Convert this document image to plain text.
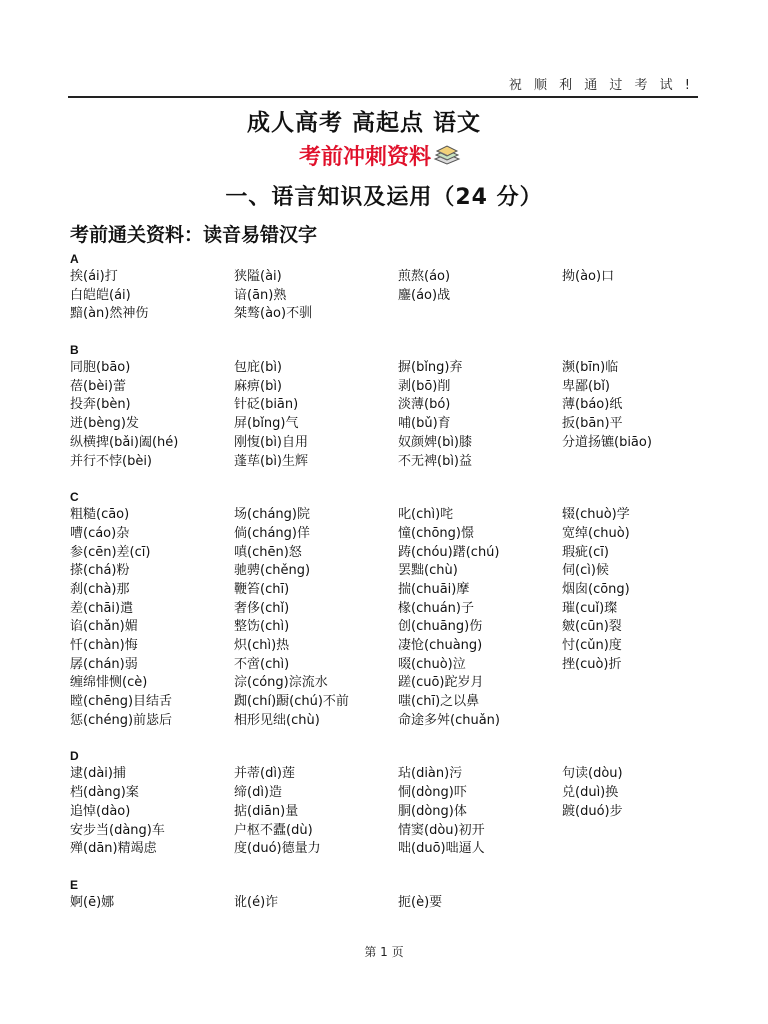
祝 顺 利 通 过 考 试 !
成人高考 高起点 语文
考前冲刺资料
一、语言知识及运用（24 分）
考前通关资料：读音易错汉字
A
挨(ái)打	狭隘(ài)	煎熬(áo)	拗(ào)口
白皑皑(ái)	谙(ān)熟	鏖(áo)战
黯(àn)然神伤	桀骜(ào)不驯
B
同胞(bāo)	包庇(bì)	摒(bǐng)弃	濒(bīn)临
蓓(bèi)蕾	麻痹(bì)	剥(bō)削	卑鄙(bǐ)
投奔(bèn)	针砭(biān)	淡薄(bó)	薄(báo)纸
迸(bèng)发	屏(bǐng)气	哺(bǔ)育	扳(bān)平
纵横捭(bǎi)阖(hé)	刚愎(bì)自用	奴颜婢(bì)膝	分道扬镳(biāo)
并行不悖(bèi)	蓬荜(bì)生辉	不无裨(bì)益
C
粗糙(cāo)	场(cháng)院	叱(chì)咤	辍(chuò)学
嘈(cáo)杂	倘(cháng)佯	憧(chōng)憬	宽绰(chuò)
参(cēn)差(cī)	嗔(chēn)怒	踌(chóu)躇(chú)	瑕疵(cī)
搽(chá)粉	驰骋(chěng)	罢黜(chù)	伺(cì)候
刹(chà)那	鞭笞(chī)	揣(chuāi)摩	烟囱(cōng)
差(chāi)遣	奢侈(chǐ)	椽(chuán)子	璀(cuǐ)璨
谄(chǎn)媚	整饬(chì)	创(chuāng)伤	皴(cūn)裂
忏(chàn)悔	炽(chì)热	凄怆(chuàng)	忖(cǔn)度
孱(chán)弱	不啻(chì)	啜(chuò)泣	挫(cuò)折
缠绵悱恻(cè)	淙(cóng)淙流水	蹉(cuō)跎岁月
瞠(chēng)目结舌	踟(chí)蹰(chú)不前	嗤(chī)之以鼻
惩(chéng)前毖后	相形见绌(chù)	命途多舛(chuǎn)
D
逮(dài)捕	并蒂(dì)莲	玷(diàn)污	句读(dòu)
档(dàng)案	缔(dì)造	恫(dòng)吓	兑(duì)换
追悼(dào)	掂(diān)量	胴(dòng)体	踱(duó)步
安步当(dàng)车	户枢不蠹(dù)	情窦(dòu)初开
殚(dān)精竭虑	度(duó)德量力	咄(duō)咄逼人
E
婀(ē)娜	讹(é)诈	扼(è)要
第 1 页
